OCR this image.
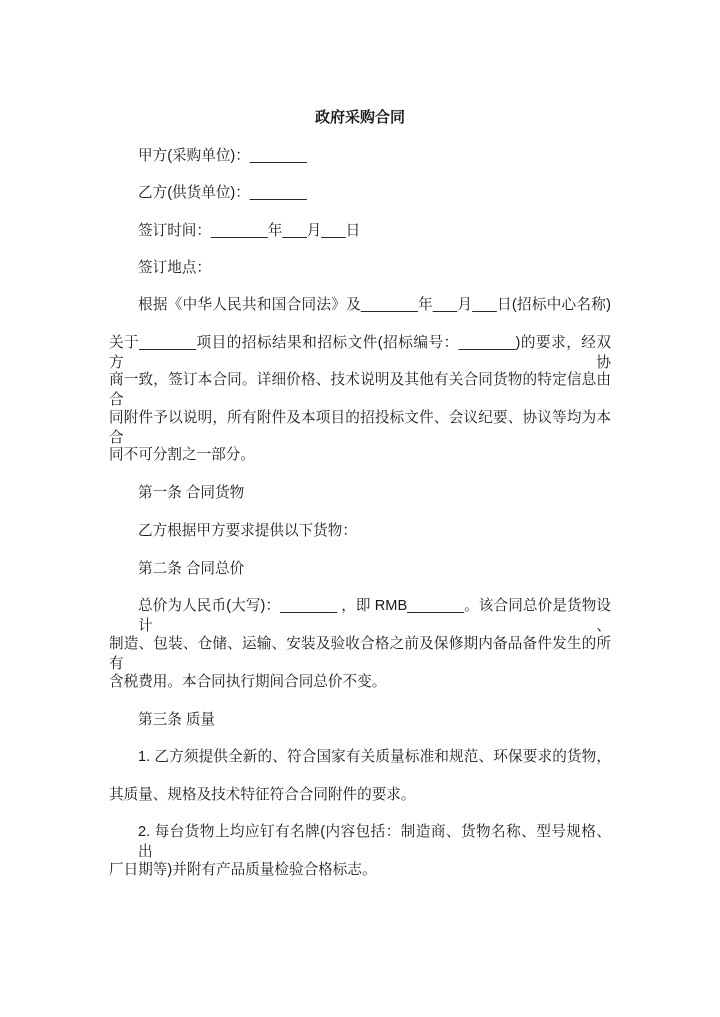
政府采购合同
甲方(采购单位)：_______
乙方(供货单位)：_______
签订时间：_______年___月___日
签订地点：
根据《中华人民共和国合同法》及_______年___月___日(招标中心名称)
关于_______项目的招标结果和招标文件(招标编号：_______)的要求，经双方协
商一致，签订本合同。详细价格、技术说明及其他有关合同货物的特定信息由合
同附件予以说明，所有附件及本项目的招投标文件、会议纪要、协议等均为本合
同不可分割之一部分。
第一条 合同货物
乙方根据甲方要求提供以下货物：
第二条 合同总价
总价为人民币(大写)：_______ ，即 RMB_______。该合同总价是货物设计、
制造、包装、仓储、运输、安装及验收合格之前及保修期内备品备件发生的所有
含税费用。本合同执行期间合同总价不变。
第三条 质量
1. 乙方须提供全新的、符合国家有关质量标准和规范、环保要求的货物，
其质量、规格及技术特征符合合同附件的要求。
2. 每台货物上均应钉有名牌(内容包括：制造商、货物名称、型号规格、出
厂日期等)并附有产品质量检验合格标志。
